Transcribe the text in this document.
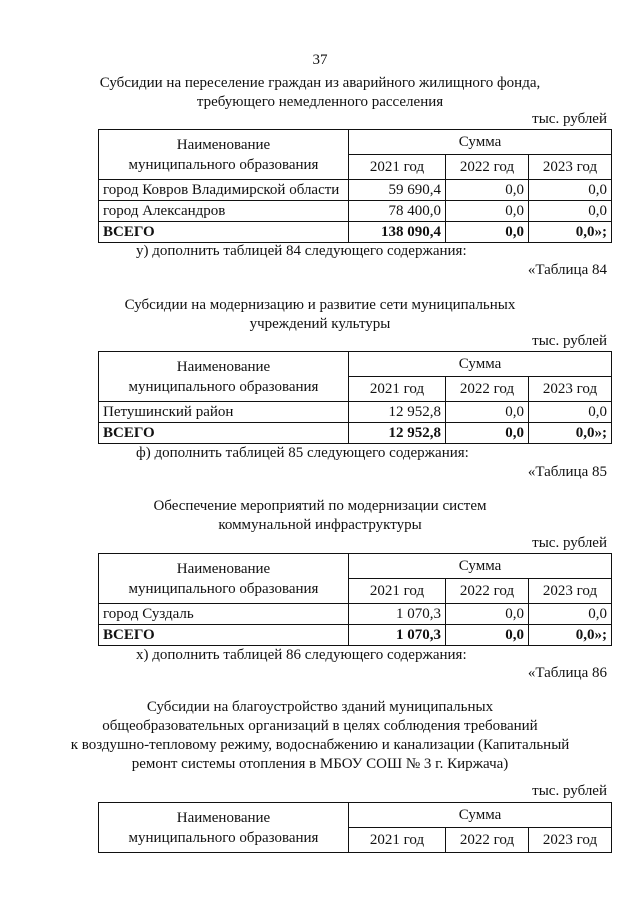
37
Субсидии на переселение граждан из аварийного жилищного фонда,
требующего немедленного расселения
тыс. рублей
Наименование
муниципального образования	Сумма		
	2021 год	2022 год	2023 год
город Ковров Владимирской области	59 690,4	0,0	0,0
город Александров	78 400,0	0,0	0,0
ВСЕГО	138 090,4	0,0	0,0»;
у) дополнить таблицей 84 следующего содержания:
«Таблица 84
Субсидии на модернизацию и развитие сети муниципальных
учреждений культуры
тыс. рублей
Наименование
муниципального образования	Сумма		
	2021 год	2022 год	2023 год
Петушинский район	12 952,8	0,0	0,0
ВСЕГО	12 952,8	0,0	0,0»;
ф) дополнить таблицей 85 следующего содержания:
«Таблица 85
Обеспечение мероприятий по модернизации систем
коммунальной инфраструктуры
тыс. рублей
Наименование
муниципального образования	Сумма		
	2021 год	2022 год	2023 год
город Суздаль	1 070,3	0,0	0,0
ВСЕГО	1 070,3	0,0	0,0»;
х) дополнить таблицей 86 следующего содержания:
«Таблица 86
Субсидии на благоустройство зданий муниципальных
общеобразовательных организаций в целях соблюдения требований
к воздушно-тепловому режиму, водоснабжению и канализации (Капитальный
ремонт системы отопления в МБОУ СОШ № 3 г. Киржача)
тыс. рублей
Наименование
муниципального образования	Сумма		
	2021 год	2022 год	2023 год
